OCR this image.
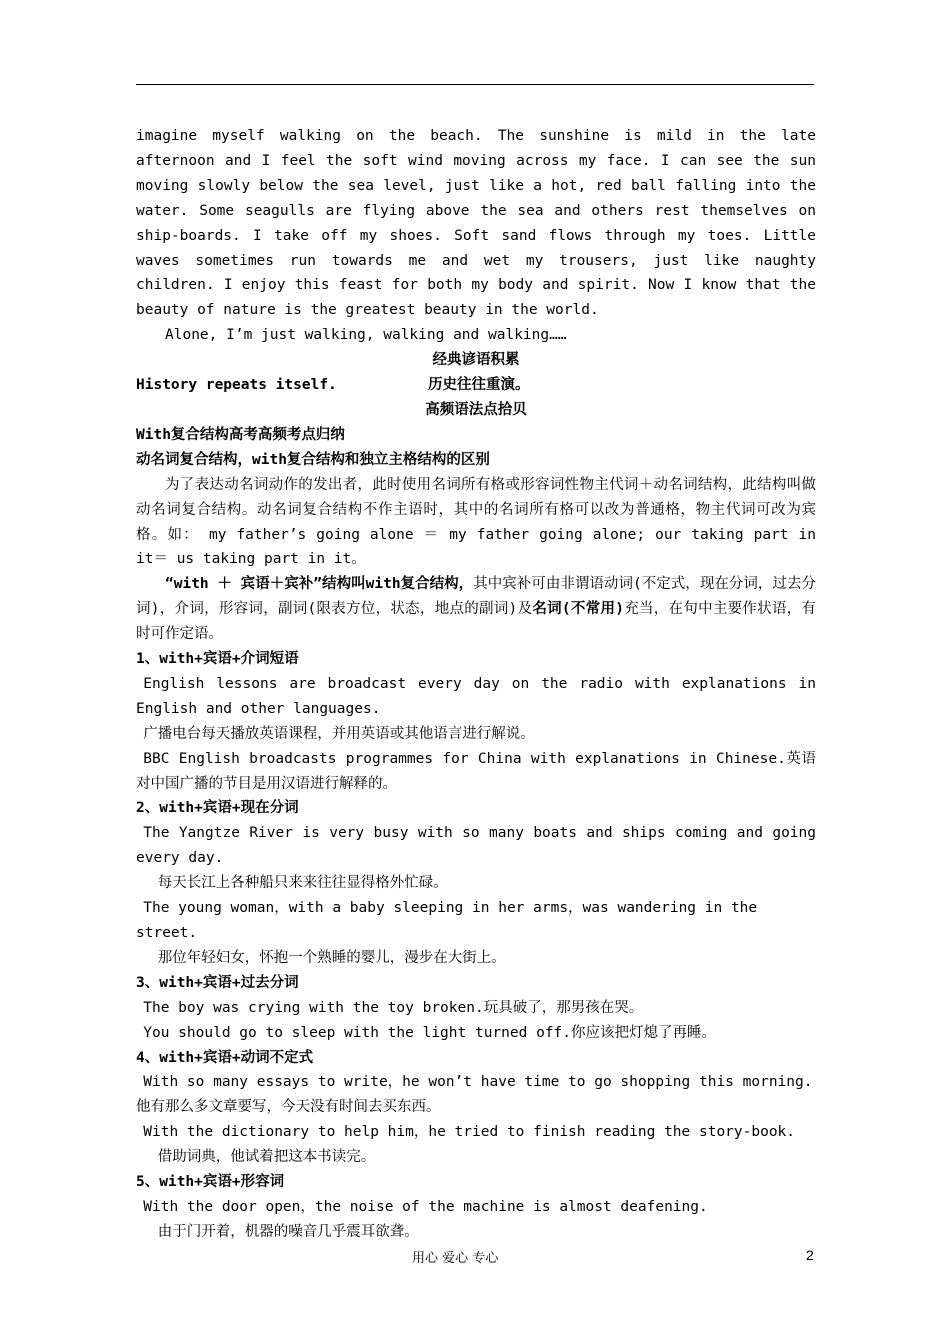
imagine myself walking on the beach. The sunshine is mild in the late afternoon and I feel the soft wind moving across my face. I can see the sun moving slowly below the sea level, just like a hot, red ball falling into the water. Some seagulls are flying above the sea and others rest themselves on ship-boards. I take off my shoes. Soft sand flows through my toes. Little waves sometimes run towards me and wet my trousers, just like naughty children. I enjoy this feast for both my body and spirit. Now I know that the beauty of nature is the greatest beauty in the world.

Alone, I’m just walking, walking and walking……

经典谚语积累

History repeats itself.	历史往往重演。

高频语法点拾贝

With复合结构高考高频考点归纳

动名词复合结构，with复合结构和独立主格结构的区别

为了表达动名词动作的发出者，此时使用名词所有格或形容词性物主代词＋动名词结构，此结构叫做动名词复合结构。动名词复合结构不作主语时，其中的名词所有格可以改为普通格，物主代词可改为宾格。如： my father’s going alone ＝ my father going alone; our taking part in it＝ us taking part in it。

“with ＋ 宾语＋宾补”结构叫with复合结构，其中宾补可由非谓语动词(不定式，现在分词，过去分词)，介词，形容词，副词(限表方位，状态，地点的副词)及名词(不常用)充当，在句中主要作状语，有时可作定语。

1、with+宾语+介词短语

English lessons are broadcast every day on the radio with explanations in English and other languages.

广播电台每天播放英语课程，并用英语或其他语言进行解说。

BBC English broadcasts programmes for China with explanations in Chinese.英语对中国广播的节目是用汉语进行解释的。

2、with+宾语+现在分词

The Yangtze River is very busy with so many boats and ships coming and going every day.

每天长江上各种船只来来往往显得格外忙碌。

The young woman，with a baby sleeping in her arms，was wandering in the street.

那位年轻妇女，怀抱一个熟睡的婴儿，漫步在大街上。

3、with+宾语+过去分词

The boy was crying with the toy broken.玩具破了，那男孩在哭。

You should go to sleep with the light turned off.你应该把灯熄了再睡。

4、with+宾语+动词不定式

With so many essays to write，he won’t have time to go shopping this morning.

他有那么多文章要写，今天没有时间去买东西。

With the dictionary to help him，he tried to finish reading the story-book.

借助词典，他试着把这本书读完。

5、with+宾语+形容词

With the door open，the noise of the machine is almost deafening.

由于门开着，机器的噪音几乎震耳欲聋。

用心 爱心 专心	2
